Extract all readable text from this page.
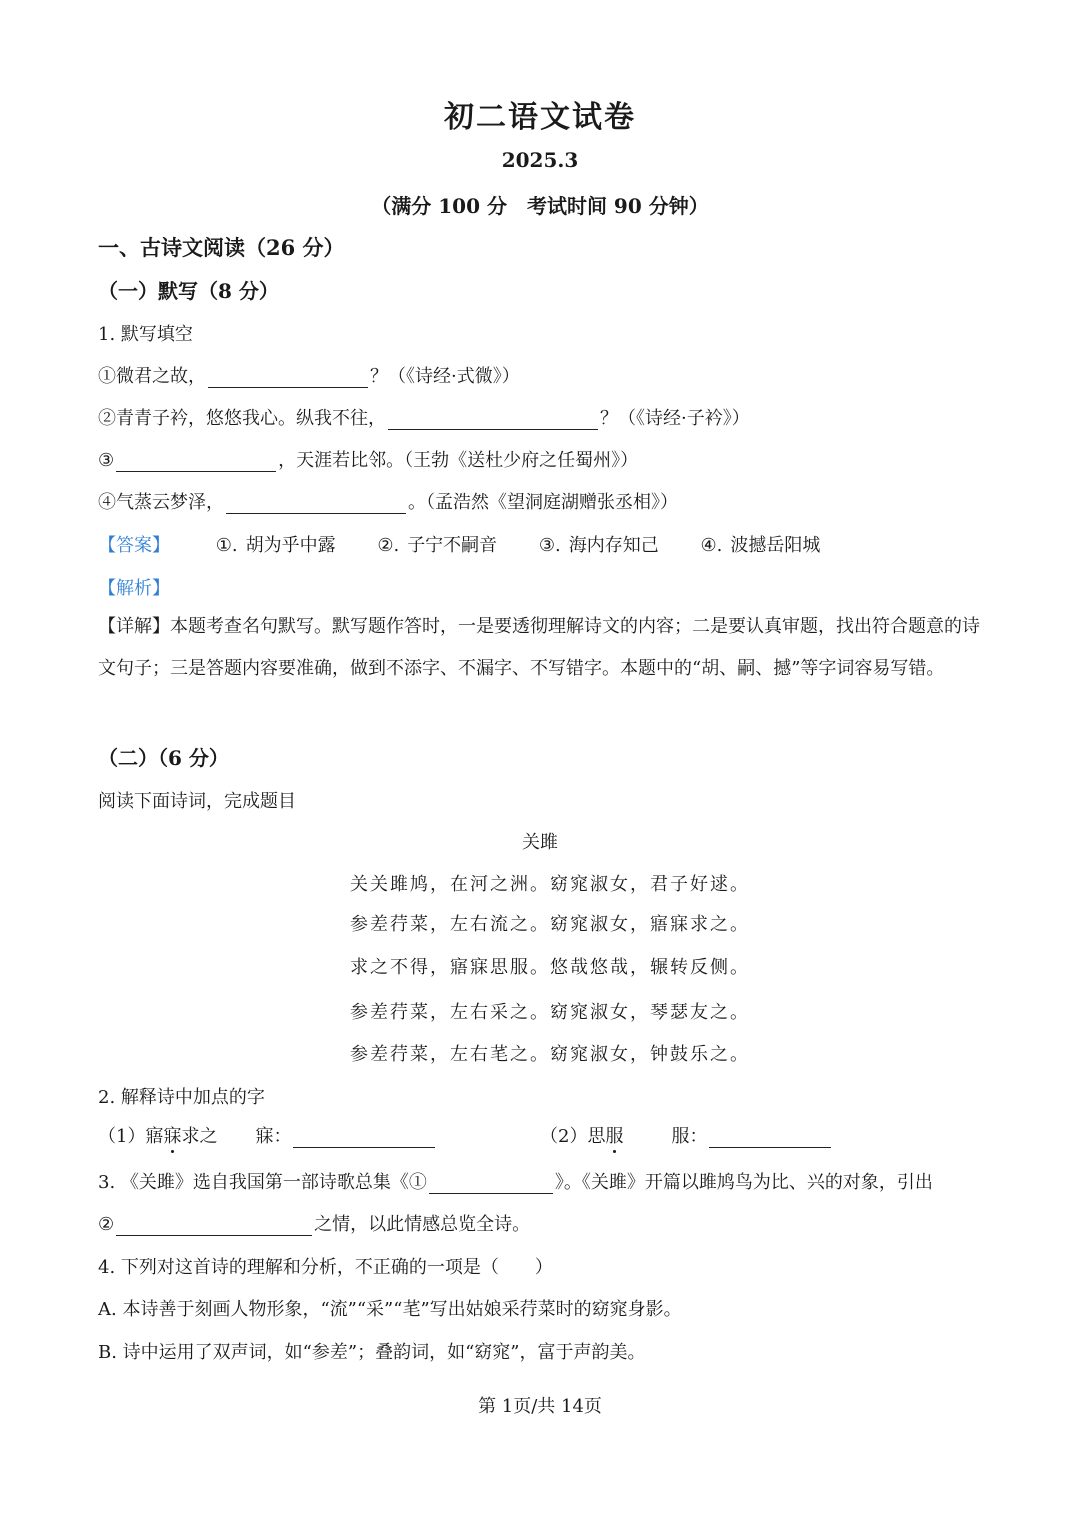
初二语文试卷
2025.3
（满分 100 分　考试时间 90 分钟）
一、古诗文阅读（26 分）
（一）默写（8 分）
1. 默写填空
①微君之故，	？（《诗经·式微》）
②青青子衿，悠悠我心。纵我不往，	？（《诗经·子衿》）
③	，天涯若比邻。（王勃《送杜少府之任蜀州》）
④气蒸云梦泽，	。（孟浩然《望洞庭湖赠张丞相》）
【答案】	①. 胡为乎中露 ②. 子宁不嗣音 ③. 海内存知己 ④. 波撼岳阳城
【解析】
【详解】本题考查名句默写。默写题作答时，一是要透彻理解诗文的内容；二是要认真审题，找出符合题意的诗文句子；三是答题内容要准确，做到不添字、不漏字、不写错字。本题中的“胡、嗣、撼”等字词容易写错。
（二）（6 分）
阅读下面诗词，完成题目
关雎
关关雎鸠，在河之洲。窈窕淑女，君子好逑。
参差荇菜，左右流之。窈窕淑女，寤寐求之。
求之不得，寤寐思服。悠哉悠哉，辗转反侧。
参差荇菜，左右采之。窈窕淑女，琴瑟友之。
参差荇菜，左右芼之。窈窕淑女，钟鼓乐之。
2. 解释诗中加点的字
（1）寤寐求之 寐：	（2）思服	服：
3. 《关雎》选自我国第一部诗歌总集《①	》。《关雎》开篇以雎鸠鸟为比、兴的对象，引出
②	之情，以此情感总览全诗。
4. 下列对这首诗的理解和分析，不正确的一项是（　　）
A. 本诗善于刻画人物形象，“流”“采”“芼”写出姑娘采荇菜时的窈窕身影。
B. 诗中运用了双声词，如“参差”；叠韵词，如“窈窕”，富于声韵美。
第 1页/共 14页
